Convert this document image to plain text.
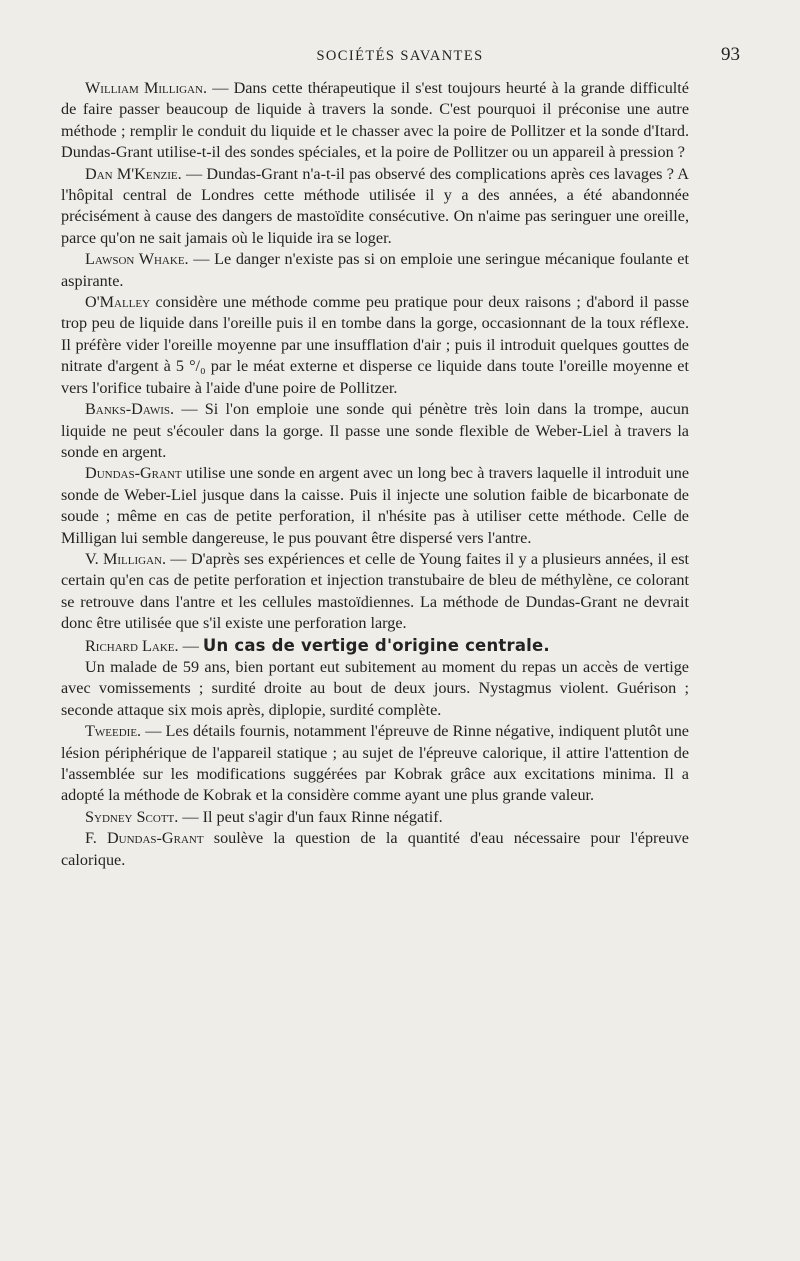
SOCIÉTÉS SAVANTES	93

William Milligan. — Dans cette thérapeutique il s'est toujours heurté à la grande difficulté de faire passer beaucoup de liquide à travers la sonde. C'est pourquoi il préconise une autre méthode ; remplir le conduit du liquide et le chasser avec la poire de Pollitzer et la sonde d'Itard. Dundas-Grant utilise-t-il des sondes spéciales, et la poire de Pollitzer ou un appareil à pression ?

Dan M'Kenzie. — Dundas-Grant n'a-t-il pas observé des complications après ces lavages ? A l'hôpital central de Londres cette méthode utilisée il y a des années, a été abandonnée précisément à cause des dangers de mastoïdite consécutive. On n'aime pas seringuer une oreille, parce qu'on ne sait jamais où le liquide ira se loger.

Lawson Whake. — Le danger n'existe pas si on emploie une seringue mécanique foulante et aspirante.

O'Malley considère une méthode comme peu pratique pour deux raisons ; d'abord il passe trop peu de liquide dans l'oreille puis il en tombe dans la gorge, occasionnant de la toux réflexe. Il préfère vider l'oreille moyenne par une insufflation d'air ; puis il introduit quelques gouttes de nitrate d'argent à 5 °/₀ par le méat externe et disperse ce liquide dans toute l'oreille moyenne et vers l'orifice tubaire à l'aide d'une poire de Pollitzer.

Banks-Dawis. — Si l'on emploie une sonde qui pénètre très loin dans la trompe, aucun liquide ne peut s'écouler dans la gorge. Il passe une sonde flexible de Weber-Liel à travers la sonde en argent.

Dundas-Grant utilise une sonde en argent avec un long bec à travers laquelle il introduit une sonde de Weber-Liel jusque dans la caisse. Puis il injecte une solution faible de bicarbonate de soude ; même en cas de petite perforation, il n'hésite pas à utiliser cette méthode. Celle de Milligan lui semble dangereuse, le pus pouvant être dispersé vers l'antre.

V. Milligan. — D'après ses expériences et celle de Young faites il y a plusieurs années, il est certain qu'en cas de petite perforation et injection transtubaire de bleu de méthylène, ce colorant se retrouve dans l'antre et les cellules mastoïdiennes. La méthode de Dundas-Grant ne devrait donc être utilisée que s'il existe une perforation large.

Richard Lake. — Un cas de vertige d'origine centrale.

Un malade de 59 ans, bien portant eut subitement au moment du repas un accès de vertige avec vomissements ; surdité droite au bout de deux jours. Nystagmus violent. Guérison ; seconde attaque six mois après, diplopie, surdité complète.

Tweedie. — Les détails fournis, notamment l'épreuve de Rinne négative, indiquent plutôt une lésion périphérique de l'appareil statique ; au sujet de l'épreuve calorique, il attire l'attention de l'assemblée sur les modifications suggérées par Kobrak grâce aux excitations minima. Il a adopté la méthode de Kobrak et la considère comme ayant une plus grande valeur.

Sydney Scott. — Il peut s'agir d'un faux Rinne négatif.

F. Dundas-Grant soulève la question de la quantité d'eau nécessaire pour l'épreuve calorique.
